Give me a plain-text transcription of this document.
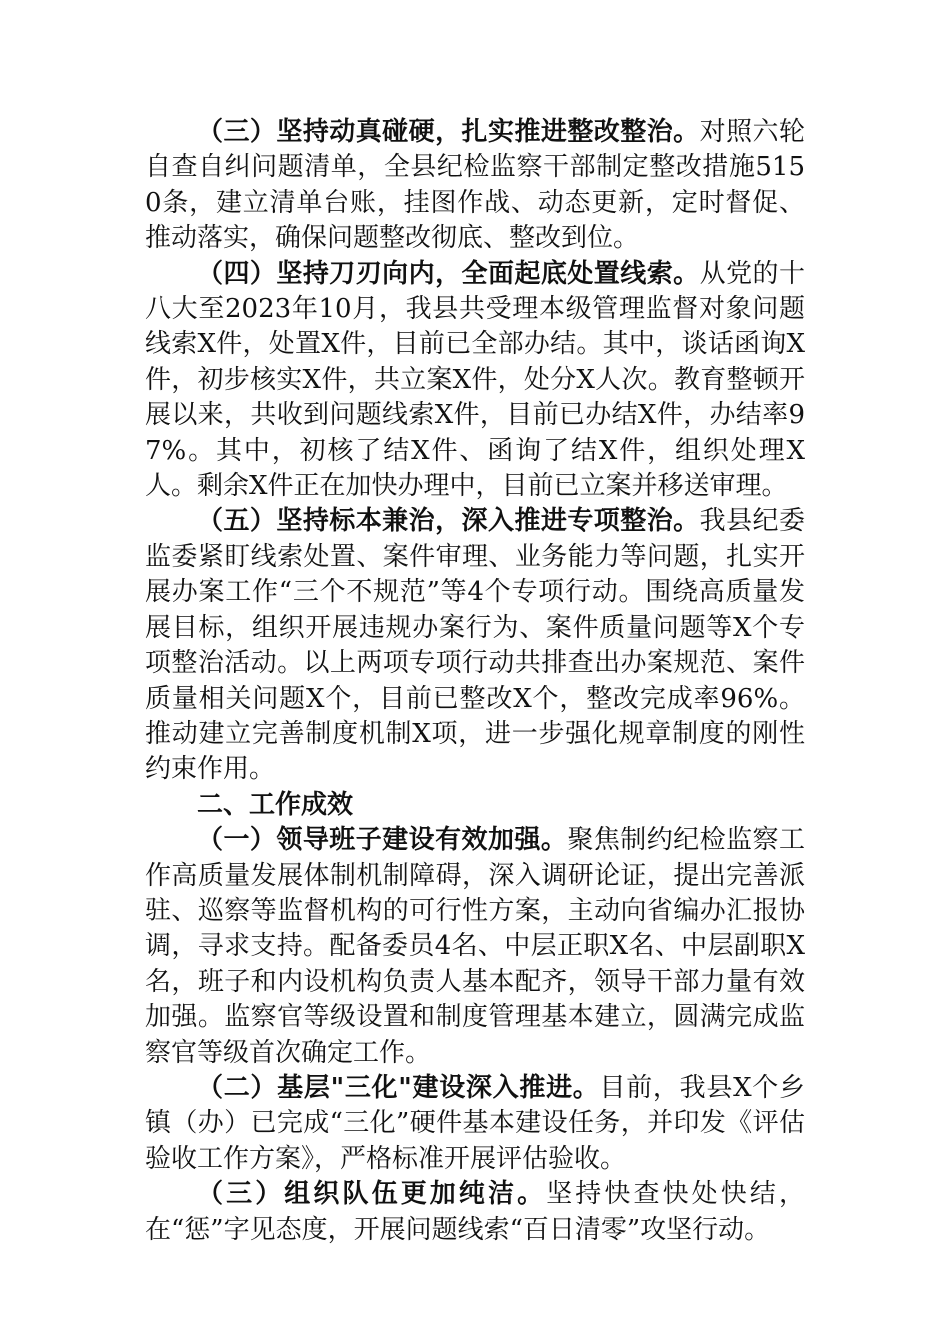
（三）坚持动真碰硬，扎实推进整改整治。对照六轮自查自纠问题清单，全县纪检监察干部制定整改措施5150条，建立清单台账，挂图作战、动态更新，定时督促、推动落实，确保问题整改彻底、整改到位。

（四）坚持刀刃向内，全面起底处置线索。从党的十八大至2023年10月，我县共受理本级管理监督对象问题线索X件，处置X件，目前已全部办结。其中，谈话函询X件，初步核实X件，共立案X件，处分X人次。教育整顿开展以来，共收到问题线索X件，目前已办结X件，办结率97%。其中，初核了结X件、函询了结X件，组织处理X人。剩余X件正在加快办理中，目前已立案并移送审理。

（五）坚持标本兼治，深入推进专项整治。我县纪委监委紧盯线索处置、案件审理、业务能力等问题，扎实开展办案工作“三个不规范”等4个专项行动。围绕高质量发展目标，组织开展违规办案行为、案件质量问题等X个专项整治活动。以上两项专项行动共排查出办案规范、案件质量相关问题X个，目前已整改X个，整改完成率96%。推动建立完善制度机制X项，进一步强化规章制度的刚性约束作用。

二、工作成效

（一）领导班子建设有效加强。聚焦制约纪检监察工作高质量发展体制机制障碍，深入调研论证，提出完善派驻、巡察等监督机构的可行性方案，主动向省编办汇报协调，寻求支持。配备委员4名、中层正职X名、中层副职X名，班子和内设机构负责人基本配齐，领导干部力量有效加强。监察官等级设置和制度管理基本建立，圆满完成监察官等级首次确定工作。

（二）基层"三化"建设深入推进。目前，我县X个乡镇（办）已完成“三化”硬件基本建设任务，并印发《评估验收工作方案》，严格标准开展评估验收。

（三）组织队伍更加纯洁。坚持快查快处快结，在“惩”字见态度，开展问题线索“百日清零”攻坚行动。
